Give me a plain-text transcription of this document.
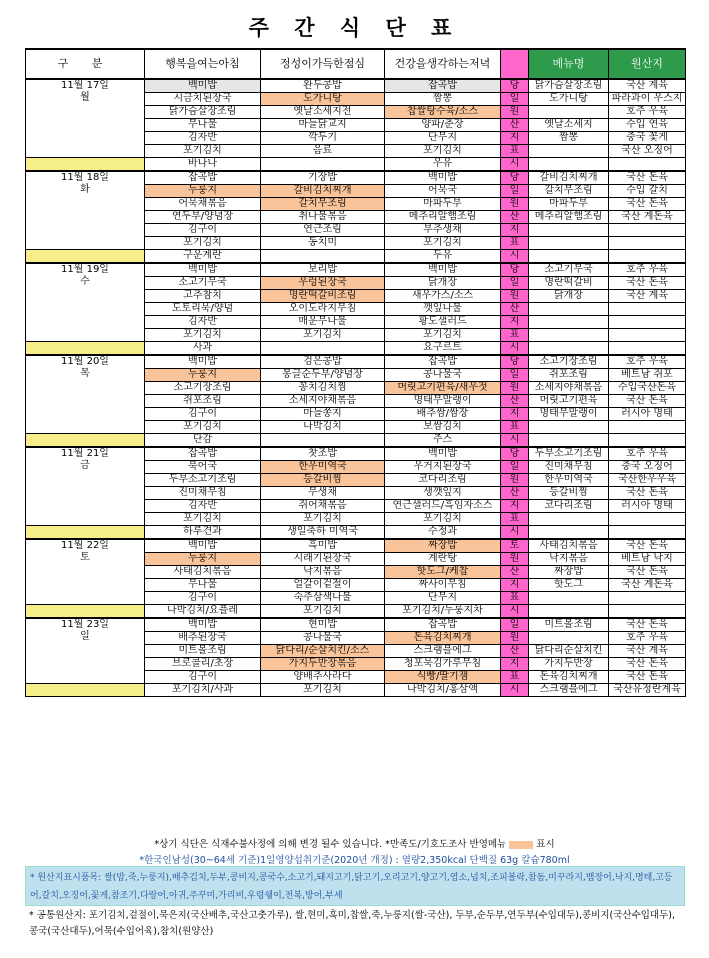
주 간 식 단 표
구 분	행복을여는아침	정성이가득한점심	건강을생각하는저녁		메뉴명	원산지

11월 17일
월	백미밥	완두콩밥	잡곡밥	당	닭가슴살장조림	국산 계육
	시금치된장국	도가니탕	짬뽕	일	도가니탕	파라과이 우스지
	닭가슴살장조림	옛날소세지전	찹쌀탕수육/소스	원		호주 우육
	무나물	마늘닭교지	양파/춘장	산	옛날소세지	수입 연육
	김자반	깍두기	단무지	지	짬뽕	중국 꽃게
	포기김치	음료	포기김치	표		국산 오징어
	바나나		우유	시		

11월 18일
화	잡곡밥	기장밥	백미밥	당	갈비김치찌개	국산 돈육
	누룽지	갈비김치찌개	어묵국	일	갈치무조림	수입 갈치
	어묵채볶음	갈치무조림	마파두부	원	마파두부	국산 돈육
	연두부/양념장	취나물볶음	메추리알햄조림	산	메추리알햄조림	국산 계돈육
	김구이	연근조림	부추생채	지		
	포기김치	동치미	포기김치	표		
	구운계란		두유	시		

11월 19일
수	백미밥	보리밥	백미밥	당	소고기무국	호주 우육
	소고기무국	우렁된장국	닭개장	일	명란떡갈비	국산 돈육
	고추참치	명란떡갈비조림	새우가스/소스	원	닭개장	국산 계육
	도토리묵/양념	오이도라지무침	깻잎나물	산		
	김자반	매운무나물	황도샐러드	지		
	포기김치	포기김치	포기김치	표		
	사과		요구르트	시		

11월 20일
목	백미밥	검은콩밥	잡곡밥	당	소고기장조림	호주 우육
	누룽지	몽글순두부/양념장	콩나물국	일	쥐포조림	베트남 쥐포
	소고기장조림	꽁치김치찜	머릿고기편육/새우젓	원	소세지야채볶음	수입국산돈육
	쥐포조림	소세지야채볶음	명태무말랭이	산	머릿고기편육	국산 돈육
	김구이	마늘쫑지	배추쌈/쌈장	지	명태무말랭이	러시아 명태
	포기김치	나박김치	보쌈김치	표		
	단감		주스	시		

11월 21일
금	잡곡밥	찻조밥	백미밥	당	두부소고기조림	호주 우육
	북어국	한우미역국	우거지된장국	일	진미채무침	중국 오징어
	두부소고기조림	등갈비찜	코다리조림	원	한우미역국	국산한우우육
	진미채무침	무생채	생깻잎지	산	등갈비찜	국산 돈육
	김자반	쥐어채볶음	연근샐러드/흑임자소스	지	코다리조림	러시아 명태
	포기김치	포기김치	포기김치	표		
	하루견과	생일축하 미역국	수정과	시		

11월 22일
토	백미밥	흑미밥	짜장밥	토	사태김치볶음	국산 돈육
	누룽지	시래기된장국	계란탕	원	낙지볶음	베트남 낙지
	사태김치볶음	낙지볶음	핫도그/케찹	산	짜장밥	국산 돈육
	무나물	얼갈이겉절이	짜사이무침	지	핫도그	국산 계돈육
	김구이	숙주삼색나물	단무지	표		
	나박김치/요플레	포기김치	포기김치/누룽지차	시		

11월 23일
일	백미밥	현미밥	잡곡밥	일	미트볼조림	국산 돈육
	배추된장국	콩나물국	돈육김치찌개	원		호주 우육
	미트볼조림	닭다리/순살치킨/소스	스크램블에그	산	닭다리순살치킨	국산 계육
	브로콜리/초장	가지두반장볶음	청포묵김가루무침	지	가지두반장	국산 돈육
	김구이	양배추사라다	식빵/딸기잼	표	돈육김치찌개	국산 돈육
	포기김치/사과	포기김치	나박김치/홍삼액	시	스크램블에그	국산유정란계육
*상기 식단은 식재수불사정에 의해 변경 될수 있습니다. *만족도/기호도조사 반영메뉴	표시
*한국인남성(30~64세 기준)1일영양섭취기준(2020년 개정) : 열량2,350kcal 단백질 63g 칼슘780ml
* 원산지표시품목: 쌀(밥,죽,누룽지),배추김치,두부,콩비지,콩국수,소고기,돼지고기,닭고기,오리고기,양고기,염소,넙치,조피볼락,참돔,미꾸라지,뱀장어,낙지,명태,고등어,갈치,오징어,꽃게,참조기,다랑어,아귀,주꾸미,가리비,우렁쉥이,전복,방어,부세
* 공통원산지: 포기김치,겉절이,묵은지(국산배추,국산고춧가루), 쌀,현미,흑미,찹쌀,죽,누룽지(쌀-국산), 두부,순두부,연두부(수입대두),콩비지(국산수입대두),콩국(국산대두),어묵(수입어육),참치(원양산)
